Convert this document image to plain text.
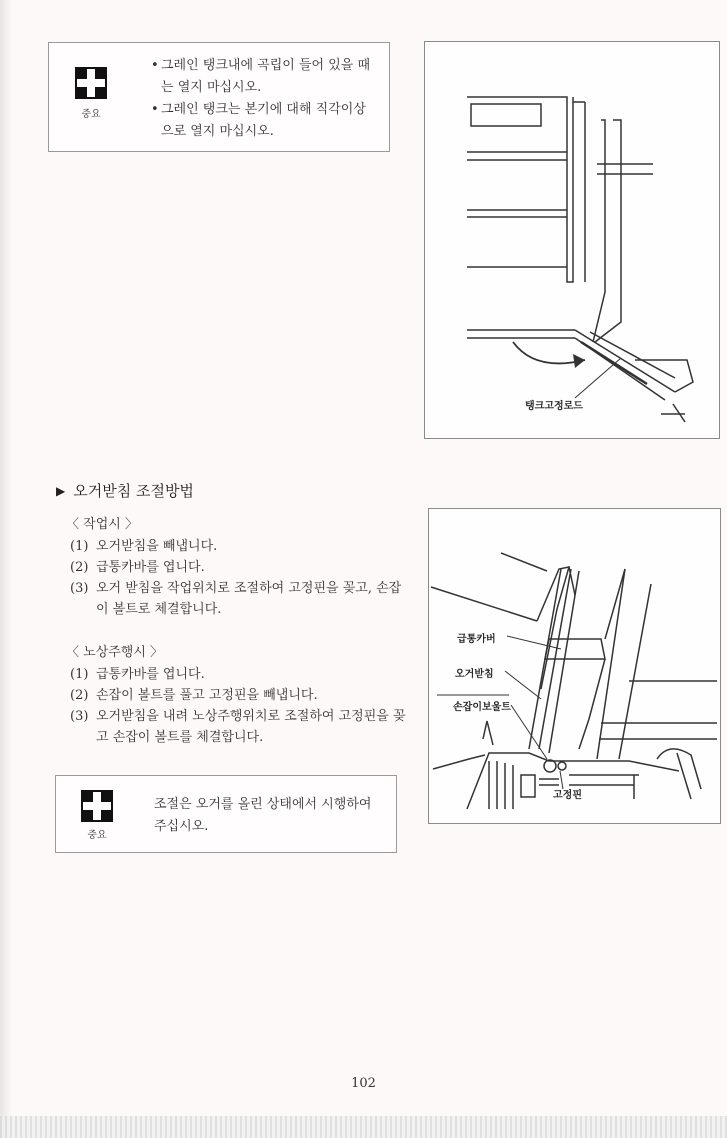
중요
• 그레인 탱크내에 곡립이 들어 있을 때는 열지 마십시오.
• 그레인 탱크는 본기에 대해 직각이상으로 열지 마십시오.
탱크고정로드
▶ 오거받침 조절방법
〈 작업시 〉
(1) 오거받침을 빼냅니다.
(2) 급통카바를 엽니다.
(3) 오거 받침을 작업위치로 조절하여 고정핀을 꽂고, 손잡이 볼트로 체결합니다.
〈 노상주행시 〉
(1) 급통카바를 엽니다.
(2) 손잡이 볼트를 풀고 고정핀을 빼냅니다.
(3) 오거받침을 내려 노상주행위치로 조절하여 고정핀을 꽂고 손잡이 볼트를 체결합니다.
급통카버
오거받침
손잡이보울트
고정핀
중요
조절은 오거를 올린 상태에서 시행하여 주십시오.
102
